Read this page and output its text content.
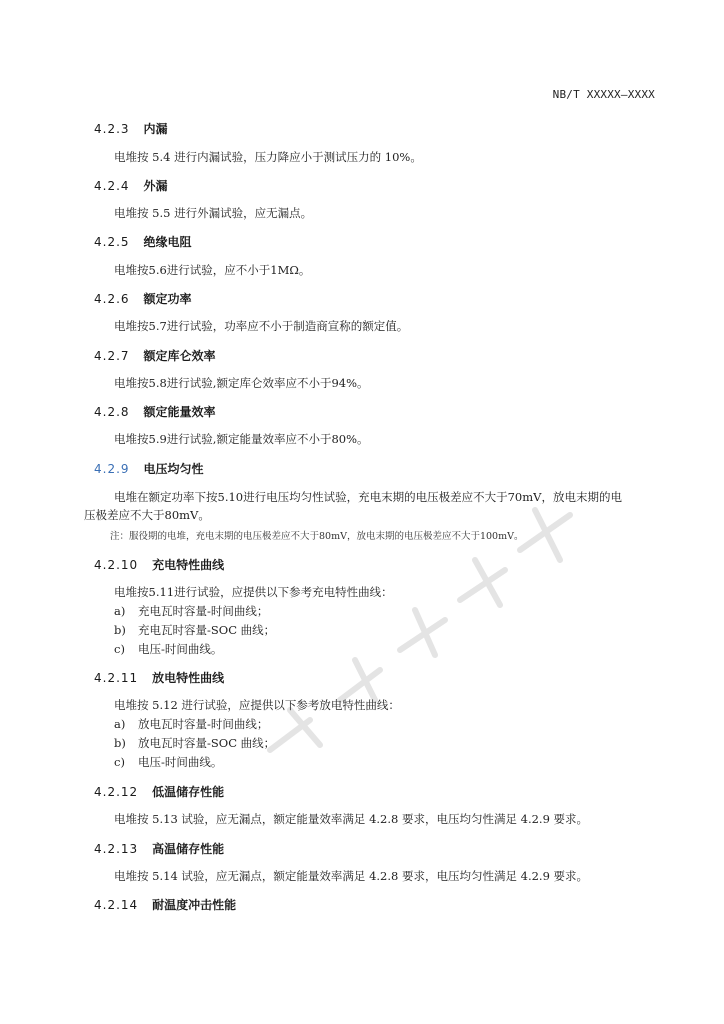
NB/T XXXXX—XXXX
4.2.3 内漏
电堆按 5.4 进行内漏试验，压力降应小于测试压力的 10%。
4.2.4 外漏
电堆按 5.5 进行外漏试验，应无漏点。
4.2.5 绝缘电阻
电堆按5.6进行试验，应不小于1MΩ。
4.2.6 额定功率
电堆按5.7进行试验，功率应不小于制造商宣称的额定值。
4.2.7 额定库仑效率
电堆按5.8进行试验,额定库仑效率应不小于94%。
4.2.8 额定能量效率
电堆按5.9进行试验,额定能量效率应不小于80%。
4.2.9 电压均匀性
电堆在额定功率下按5.10进行电压均匀性试验，充电末期的电压极差应不大于70mV，放电末期的电
压极差应不大于80mV。
注：服役期的电堆，充电末期的电压极差应不大于80mV，放电末期的电压极差应不大于100mV。
4.2.10 充电特性曲线
电堆按5.11进行试验，应提供以下参考充电特性曲线：
a) 充电瓦时容量-时间曲线；
b) 充电瓦时容量-SOC 曲线；
c) 电压-时间曲线。
4.2.11 放电特性曲线
电堆按 5.12 进行试验，应提供以下参考放电特性曲线：
a) 放电瓦时容量-时间曲线；
b) 放电瓦时容量-SOC 曲线；
c) 电压-时间曲线。
4.2.12 低温储存性能
电堆按 5.13 试验，应无漏点，额定能量效率满足 4.2.8 要求，电压均匀性满足 4.2.9 要求。
4.2.13 高温储存性能
电堆按 5.14 试验，应无漏点，额定能量效率满足 4.2.8 要求，电压均匀性满足 4.2.9 要求。
4.2.14 耐温度冲击性能
